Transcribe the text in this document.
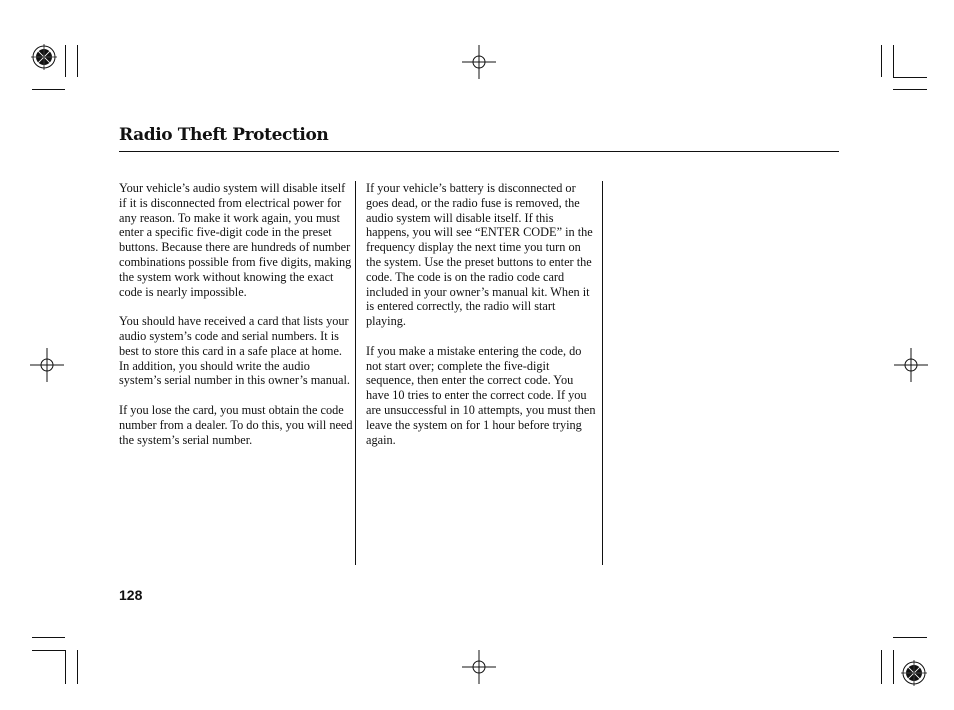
Radio Theft Protection

Your vehicle’s audio system will disable itself if it is disconnected from electrical power for any reason. To make it work again, you must enter a specific five-digit code in the preset buttons. Because there are hundreds of number combinations possible from five digits, making the system work without knowing the exact code is nearly impossible.

You should have received a card that lists your audio system’s code and serial numbers. It is best to store this card in a safe place at home. In addition, you should write the audio system’s serial number in this owner’s manual.

If you lose the card, you must obtain the code number from a dealer. To do this, you will need the system’s serial number.

If your vehicle’s battery is disconnected or goes dead, or the radio fuse is removed, the audio system will disable itself. If this happens, you will see “ENTER CODE” in the frequency display the next time you turn on the system. Use the preset buttons to enter the code. The code is on the radio code card included in your owner’s manual kit. When it is entered correctly, the radio will start playing.

If you make a mistake entering the code, do not start over; complete the five-digit sequence, then enter the correct code. You have 10 tries to enter the correct code. If you are unsuccessful in 10 attempts, you must then leave the system on for 1 hour before trying again.

128
